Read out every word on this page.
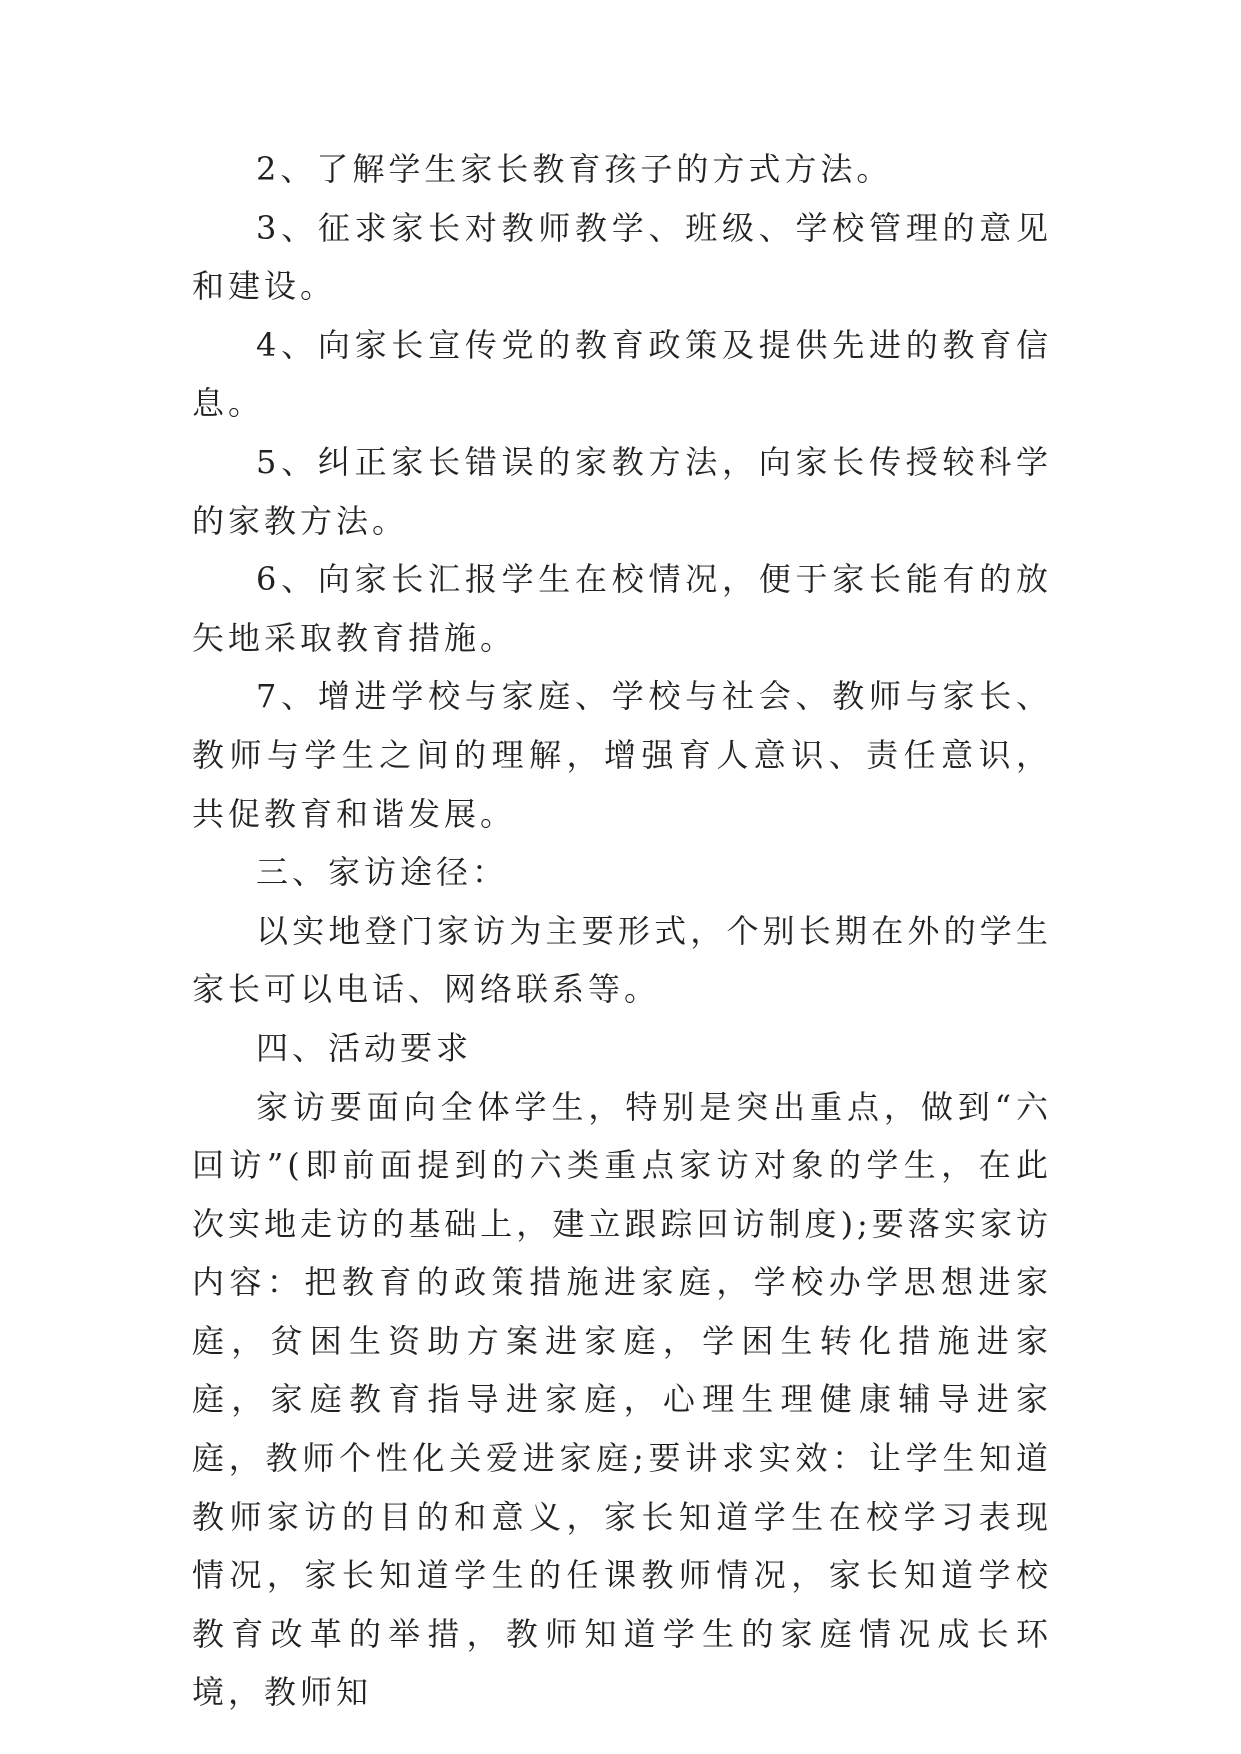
2、了解学生家长教育孩子的方式方法。

3、征求家长对教师教学、班级、学校管理的意见和建设。

4、向家长宣传党的教育政策及提供先进的教育信息。

5、纠正家长错误的家教方法，向家长传授较科学的家教方法。

6、向家长汇报学生在校情况，便于家长能有的放矢地采取教育措施。

7、增进学校与家庭、学校与社会、教师与家长、教师与学生之间的理解，增强育人意识、责任意识，共促教育和谐发展。

三、家访途径：

以实地登门家访为主要形式，个别长期在外的学生家长可以电话、网络联系等。

四、活动要求

家访要面向全体学生，特别是突出重点，做到“六回访”(即前面提到的六类重点家访对象的学生，在此次实地走访的基础上，建立跟踪回访制度);要落实家访内容：把教育的政策措施进家庭，学校办学思想进家庭，贫困生资助方案进家庭，学困生转化措施进家庭，家庭教育指导进家庭，心理生理健康辅导进家庭，教师个性化关爱进家庭;要讲求实效：让学生知道教师家访的目的和意义，家长知道学生在校学习表现情况，家长知道学生的任课教师情况，家长知道学校教育改革的举措，教师知道学生的家庭情况成长环境，教师知
